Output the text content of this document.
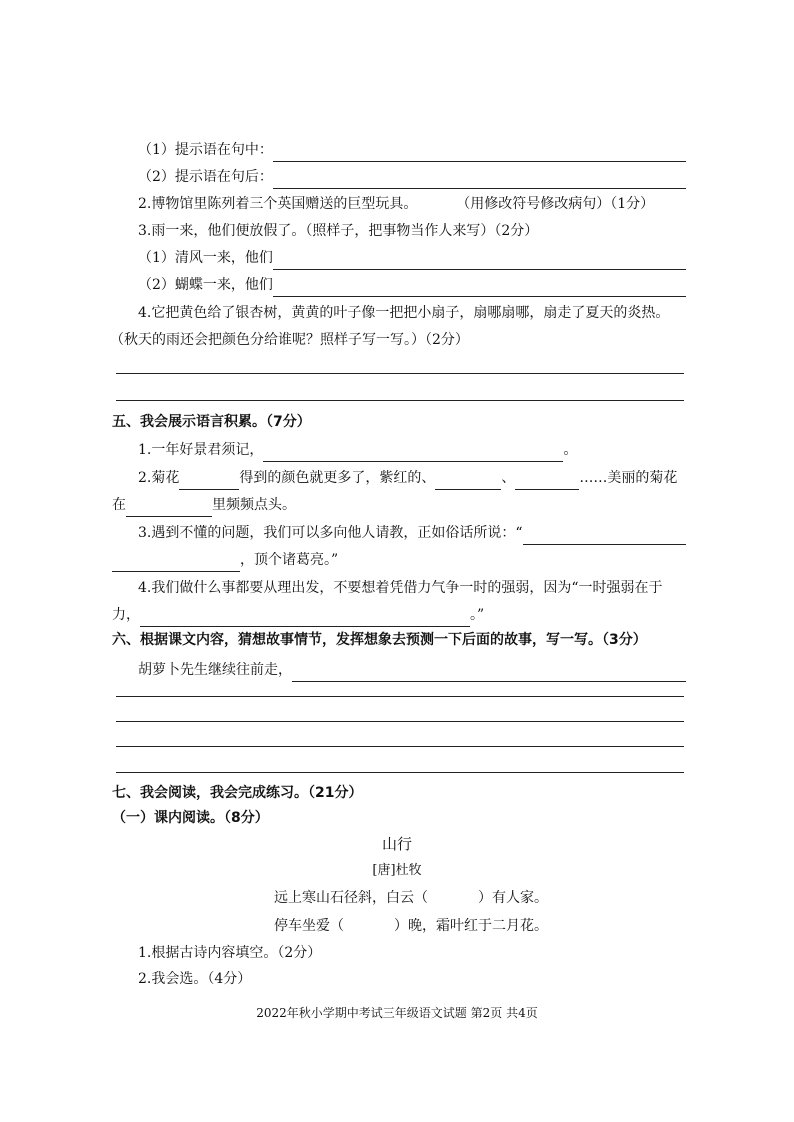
（1）提示语在句中：
（2）提示语在句后：
2.博物馆里陈列着三个英国赠送的巨型玩具。	（用修改符号修改病句）（1分）
3.雨一来，他们便放假了。（照样子，把事物当作人来写）（2分）
（1）清风一来，他们
（2）蝴蝶一来，他们
4.它把黄色给了银杏树，黄黄的叶子像一把把小扇子，扇哪扇哪，扇走了夏天的炎热。
（秋天的雨还会把颜色分给谁呢？照样子写一写。）（2分）
五、我会展示语言积累。（7分）
1.一年好景君须记，	。
2.菊花	得到的颜色就更多了，紫红的、	、	……美丽的菊花
在	里频频点头。
3.遇到不懂的问题，我们可以多向他人请教，正如俗话所说：“
，顶个诸葛亮。”
4.我们做什么事都要从理出发，不要想着凭借力气争一时的强弱，因为“一时强弱在于
力，	。”
六、根据课文内容，猜想故事情节，发挥想象去预测一下后面的故事，写一写。（3分）
胡萝卜先生继续往前走，
七、我会阅读，我会完成练习。（21分）
（一）课内阅读。（8分）
山行
[唐]杜牧
远上寒山石径斜，白云（	）有人家。
停车坐爱（	）晚，霜叶红于二月花。
1.根据古诗内容填空。（2分）
2.我会选。（4分）
2022年秋小学期中考试三年级语文试题 第2页 共4页
